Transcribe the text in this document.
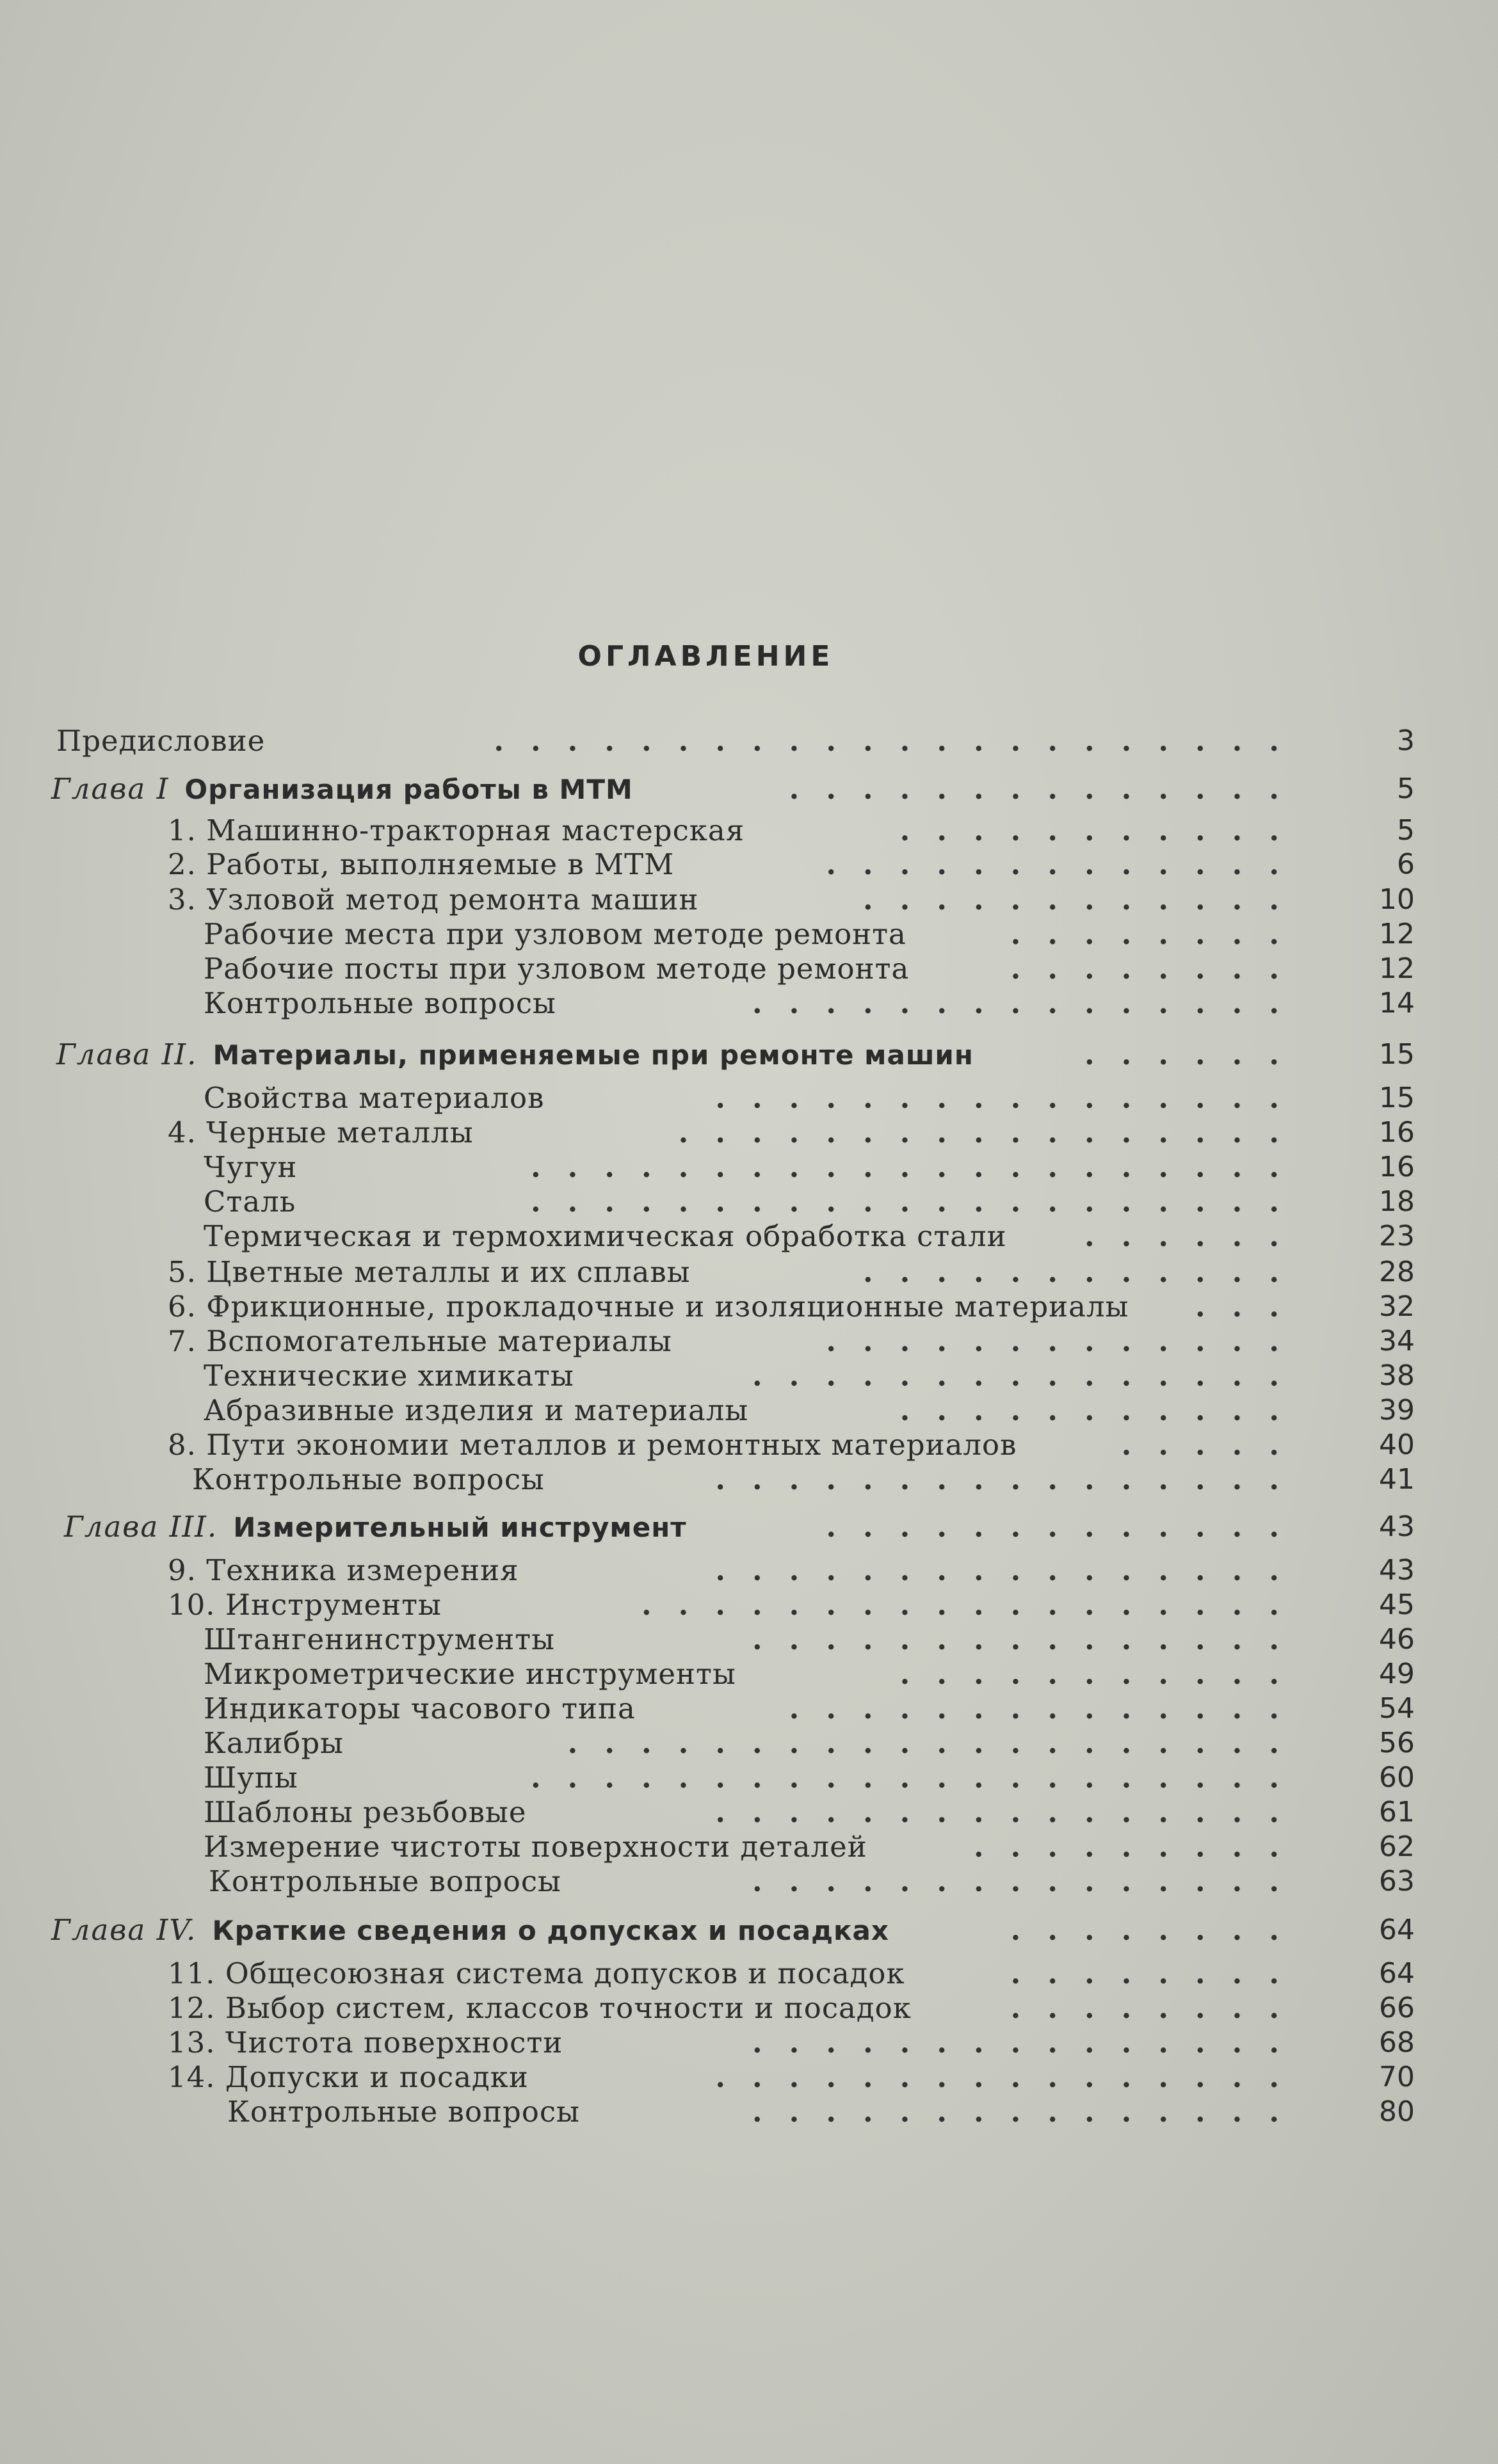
ОГЛАВЛЕНИЕ
Предисловие	3
......................
Глава I Организация работы в МТМ	5
..............
1. Машинно-тракторная мастерская	5
...........
2. Работы, выполняемые в МТМ	6
.............
3. Узловой метод ремонта машин	10
............
Рабочие места при узловом методе ремонта	12
........
Рабочие посты при узловом методе ремонта	12
........
Контрольные вопросы	14
...............
Глава II. Материалы, применяемые при ремонте машин	15
......
Свойства материалов	15
................
4. Черные металлы	16
.................
Чугун	16
.....................
Сталь	18
.....................
Термическая и термохимическая обработка стали	23
......
5. Цветные металлы и их сплавы	28
............
6. Фрикционные, прокладочные и изоляционные материалы	32
...
7. Вспомогательные материалы	34
.............
Технические химикаты	38
...............
Абразивные изделия и материалы	39
...........
8. Пути экономии металлов и ремонтных материалов	40
.....
Контрольные вопросы	41
................
Глава III. Измерительный инструмент	43
.............
9. Техника измерения	43
................
10. Инструменты	45
..................
Штангенинструменты	46
...............
Микрометрические инструменты	49
...........
Индикаторы часового типа	54
..............
Калибры	56
....................
Шупы	60
.....................
Шаблоны резьбовые	61
................
Измерение чистоты поверхности деталей	62
.........
Контрольные вопросы	63
...............
Глава IV. Краткие сведения о допусках и посадках	64
........
11. Общесоюзная система допусков и посадок	64
........
12. Выбор систем, классов точности и посадок	66
........
13. Чистота поверхности	68
...............
14. Допуски и посадки	70
................
Контрольные вопросы	80
...............
